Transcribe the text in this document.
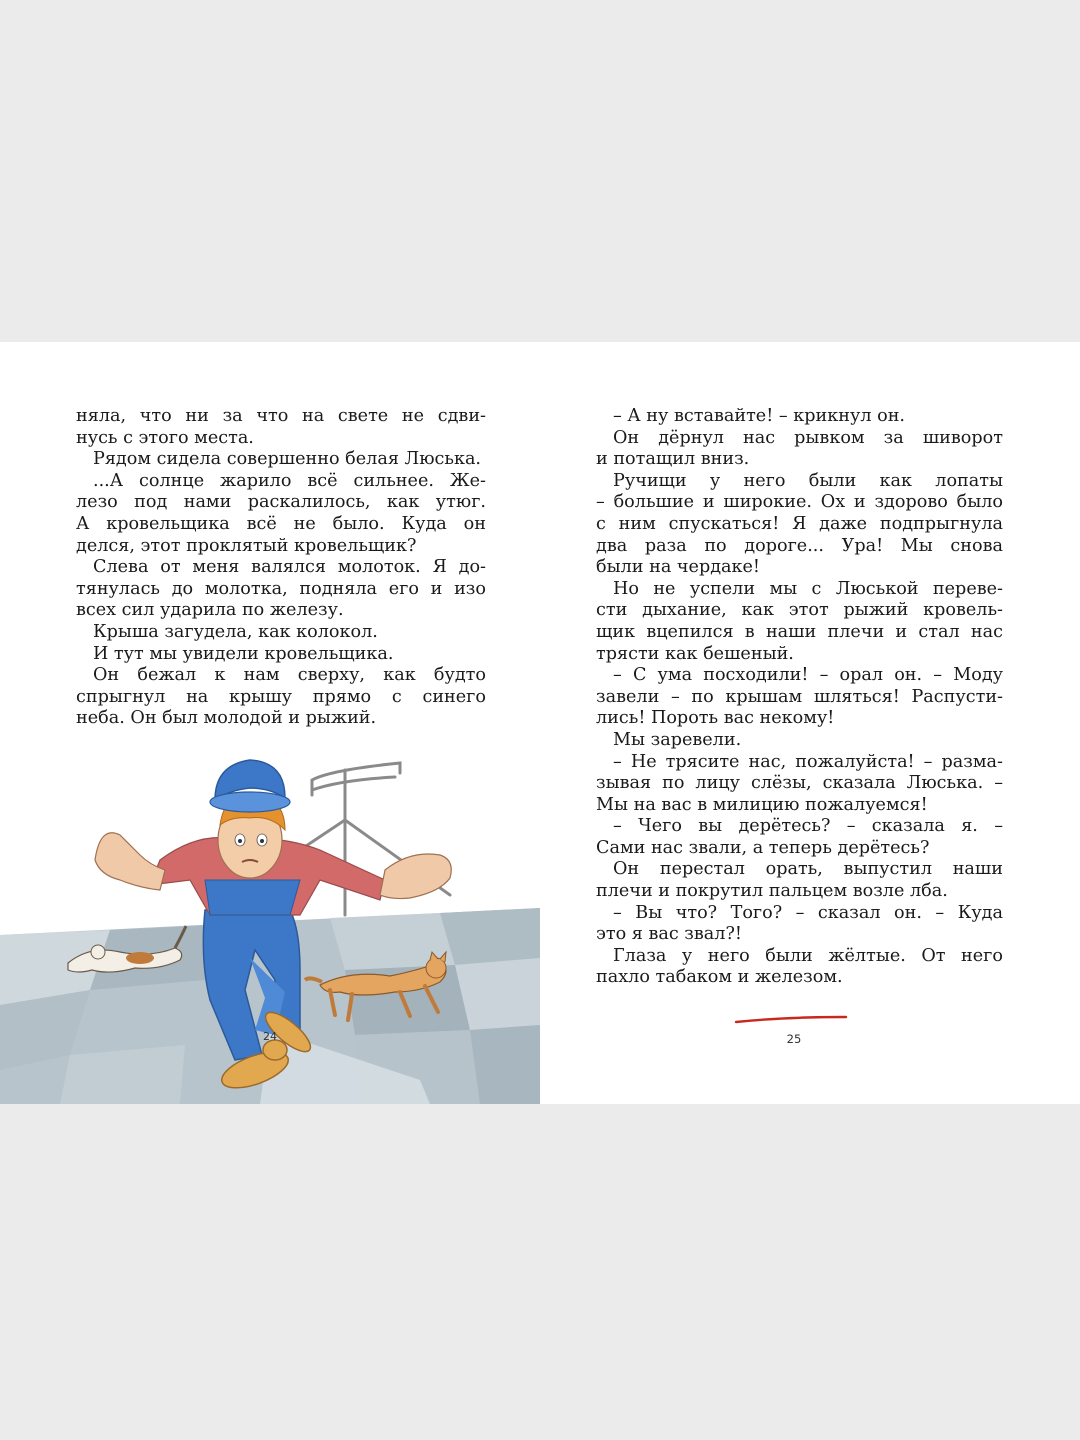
няла, что ни за что на свете не сдви-
нусь с этого места.
Рядом сидела совершенно белая Люська.
...А солнце жарило всё сильнее. Же-
лезо под нами раскалилось, как утюг.
А кровельщика всё не было. Куда он
делся, этот проклятый кровельщик?
Слева от меня валялся молоток. Я до-
тянулась до молотка, подняла его и изо
всех сил ударила по железу.
Крыша загудела, как колокол.
И тут мы увидели кровельщика.
Он бежал к нам сверху, как будто
спрыгнул на крышу прямо с синего
неба. Он был молодой и рыжий.
24
– А ну вставайте! – крикнул он.
Он дёрнул нас рывком за шиворот
и потащил вниз.
Ручищи у него были как лопаты
– большие и широкие. Ох и здорово было
с ним спускаться! Я даже подпрыгнула
два раза по дороге... Ура! Мы снова
были на чердаке!
Но не успели мы с Люськой переве-
сти дыхание, как этот рыжий кровель-
щик вцепился в наши плечи и стал нас
трясти как бешеный.
– С ума посходили! – орал он. – Моду
завели – по крышам шляться! Распусти-
лись! Пороть вас некому!
Мы заревели.
– Не трясите нас, пожалуйста! – разма-
зывая по лицу слёзы, сказала Люська. –
Мы на вас в милицию пожалуемся!
– Чего вы дерётесь? – сказала я. –
Сами нас звали, а теперь дерётесь?
Он перестал орать, выпустил наши
плечи и покрутил пальцем возле лба.
– Вы что? Того? – сказал он. – Куда
это я вас звал?!
Глаза у него были жёлтые. От него
пахло табаком и железом.
25
